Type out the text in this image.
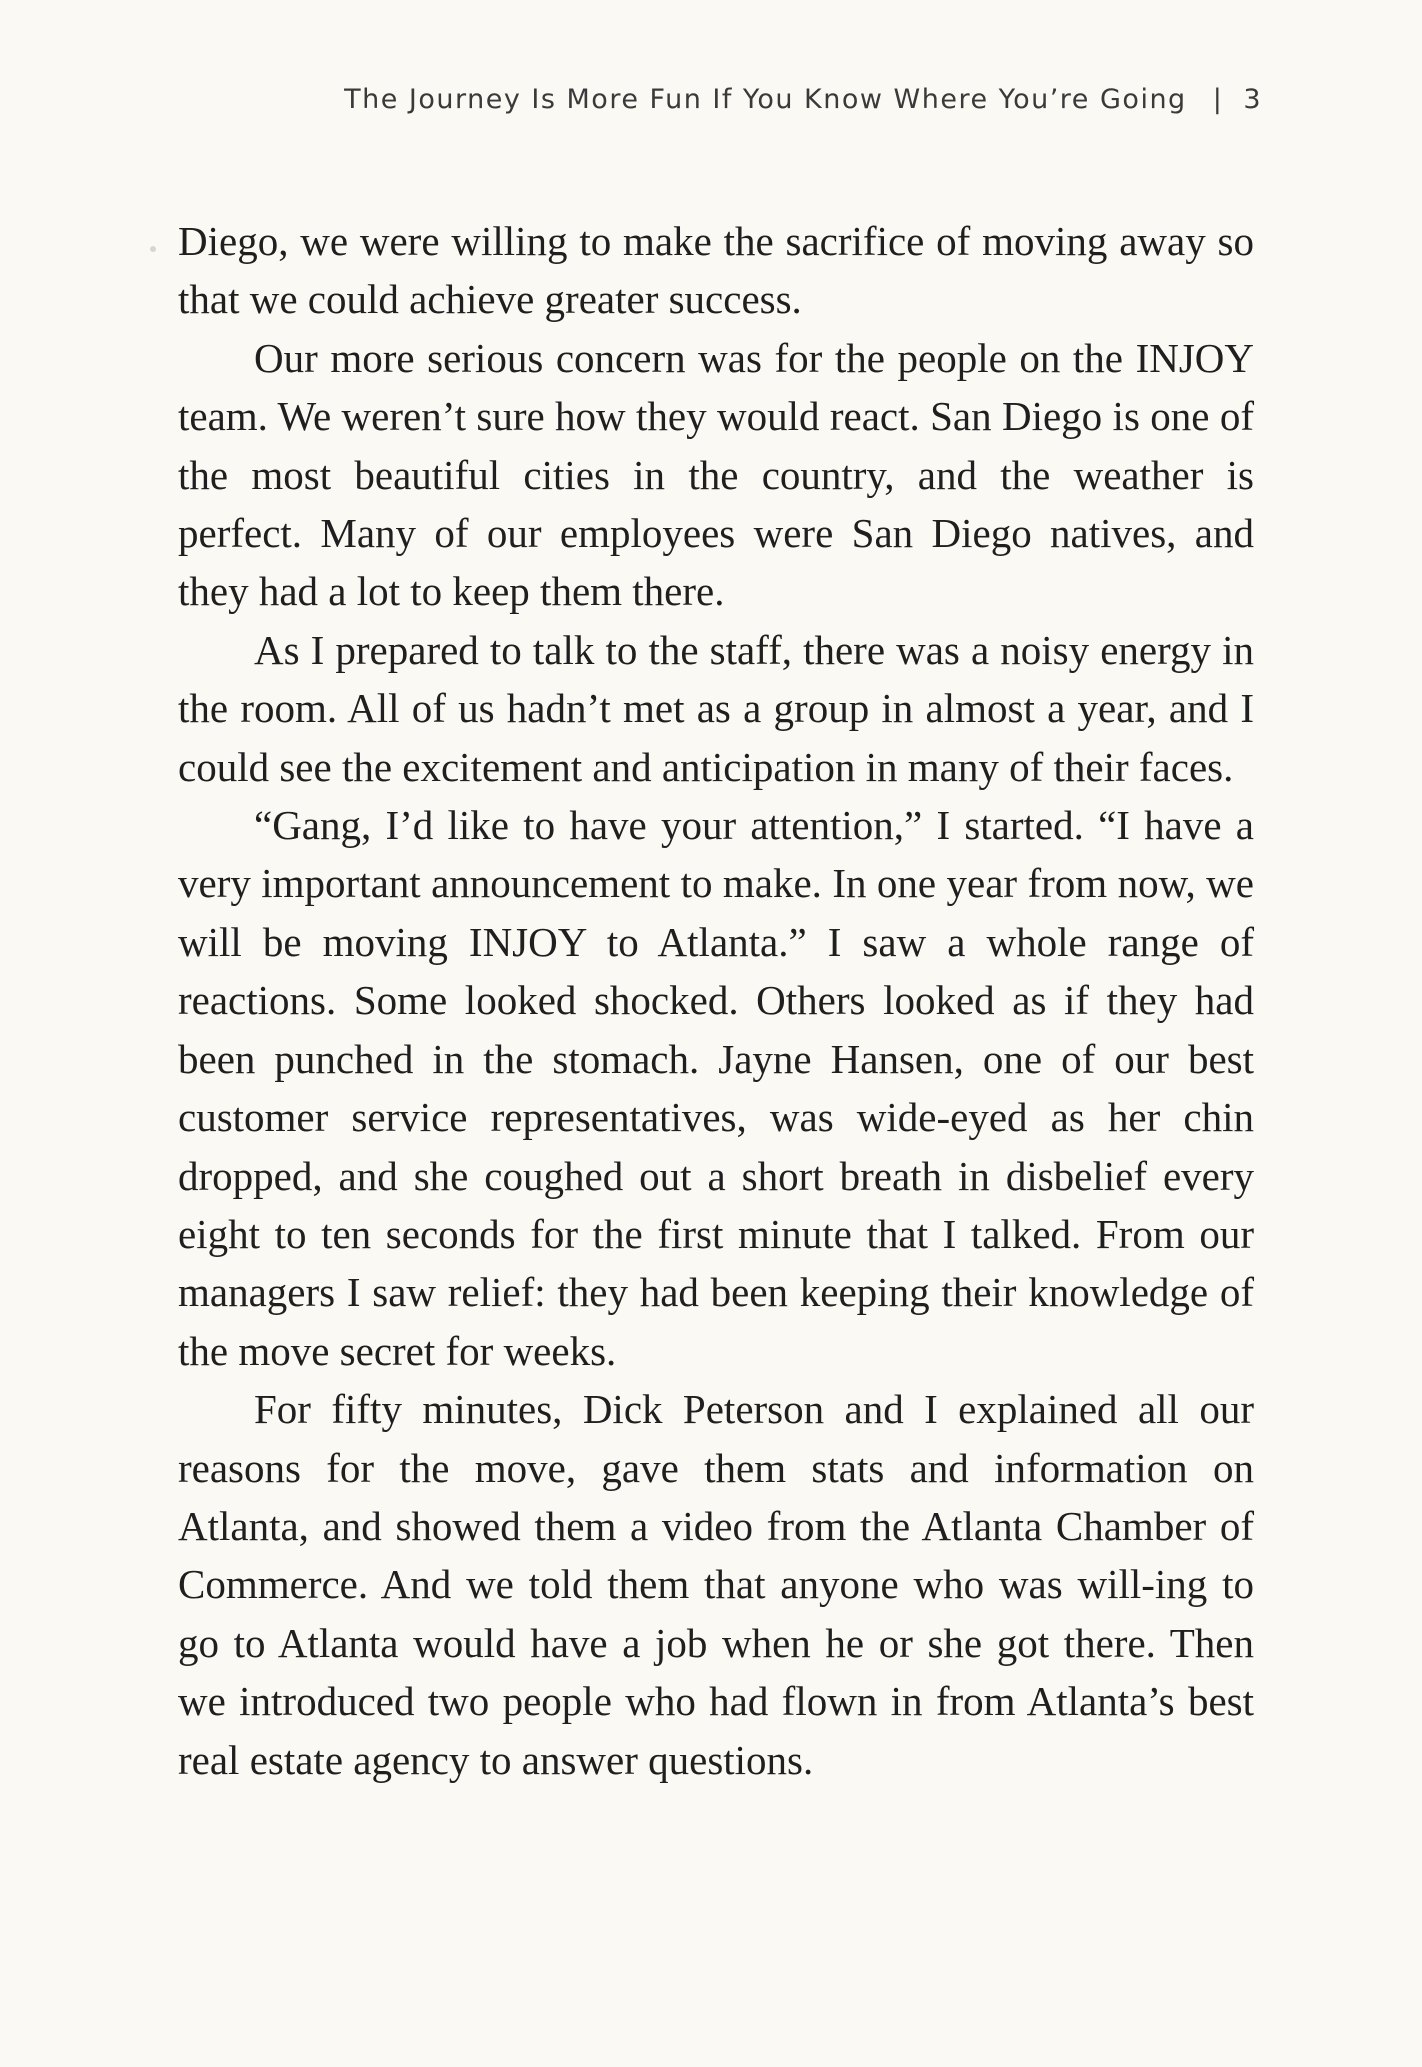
The Journey Is More Fun If You Know Where You’re Going | 3

Diego, we were willing to make the sacrifice of moving away so that we could achieve greater success.

Our more serious concern was for the people on the INJOY team. We weren’t sure how they would react. San Diego is one of the most beautiful cities in the country, and the weather is perfect. Many of our employees were San Diego natives, and they had a lot to keep them there.

As I prepared to talk to the staff, there was a noisy energy in the room. All of us hadn’t met as a group in almost a year, and I could see the excitement and anticipation in many of their faces.

“Gang, I’d like to have your attention,” I started. “I have a very important announcement to make. In one year from now, we will be moving INJOY to Atlanta.” I saw a whole range of reactions. Some looked shocked. Others looked as if they had been punched in the stomach. Jayne Hansen, one of our best customer service representatives, was wide-eyed as her chin dropped, and she coughed out a short breath in disbelief every eight to ten seconds for the first minute that I talked. From our managers I saw relief: they had been keeping their knowledge of the move secret for weeks.

For fifty minutes, Dick Peterson and I explained all our reasons for the move, gave them stats and information on Atlanta, and showed them a video from the Atlanta Chamber of Commerce. And we told them that anyone who was will-ing to go to Atlanta would have a job when he or she got there. Then we introduced two people who had flown in from Atlanta’s best real estate agency to answer questions.
